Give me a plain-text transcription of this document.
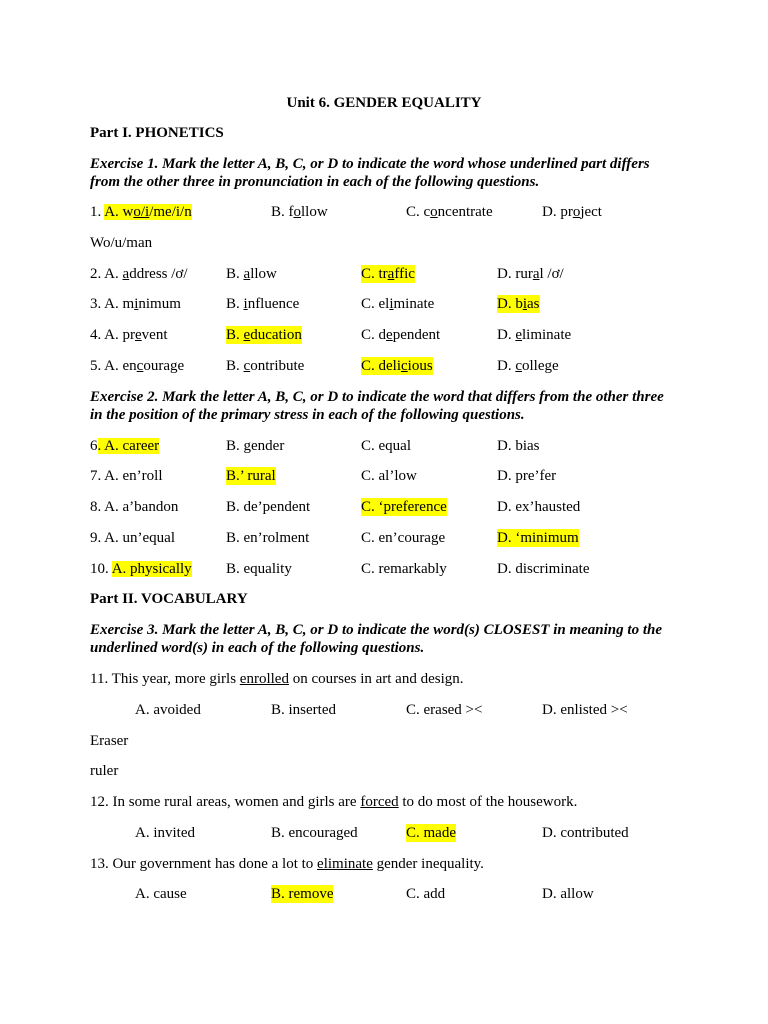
Unit 6. GENDER EQUALITY
Part I. PHONETICS
Exercise 1. Mark the letter A, B, C, or D to indicate the word whose underlined part differs from the other three in pronunciation in each of the following questions.
1. A. wo/i/me/i/n	B. follow	C. concentrate	D. project
Wo/u/man
2. A. address /ơ/	B. allow	C. traffic	D. rural /ơ/
3. A. minimum	B. influence	C. eliminate	D. bias
4. A. prevent	B. education	C. dependent	D. eliminate
5. A. encourage	B. contribute	C. delicious	D. college
Exercise 2. Mark the letter A, B, C, or D to indicate the word that differs from the other three in the position of the primary stress in each of the following questions.
6. A. career	B. gender	C. equal	D. bias
7. A. en’roll	B.’ rural	C. al’low	D. pre’fer
8. A. a’bandon	B. de’pendent	C. ‘preference	D. ex’hausted
9. A. un’equal	B. en’rolment	C. en’courage	D. ‘minimum
10. A. physically B. equality	C. remarkably	D. discriminate
Part II. VOCABULARY
Exercise 3. Mark the letter A, B, C, or D to indicate the word(s) CLOSEST in meaning to the underlined word(s) in each of the following questions.
11. This year, more girls enrolled on courses in art and design.
A. avoided	B. inserted	C. erased ><	D. enlisted ><
Eraser
ruler
12. In some rural areas, women and girls are forced to do most of the housework.
A. invited	B. encouraged	C. made	D. contributed
13. Our government has done a lot to eliminate gender inequality.
A. cause	B. remove	C. add	D. allow
